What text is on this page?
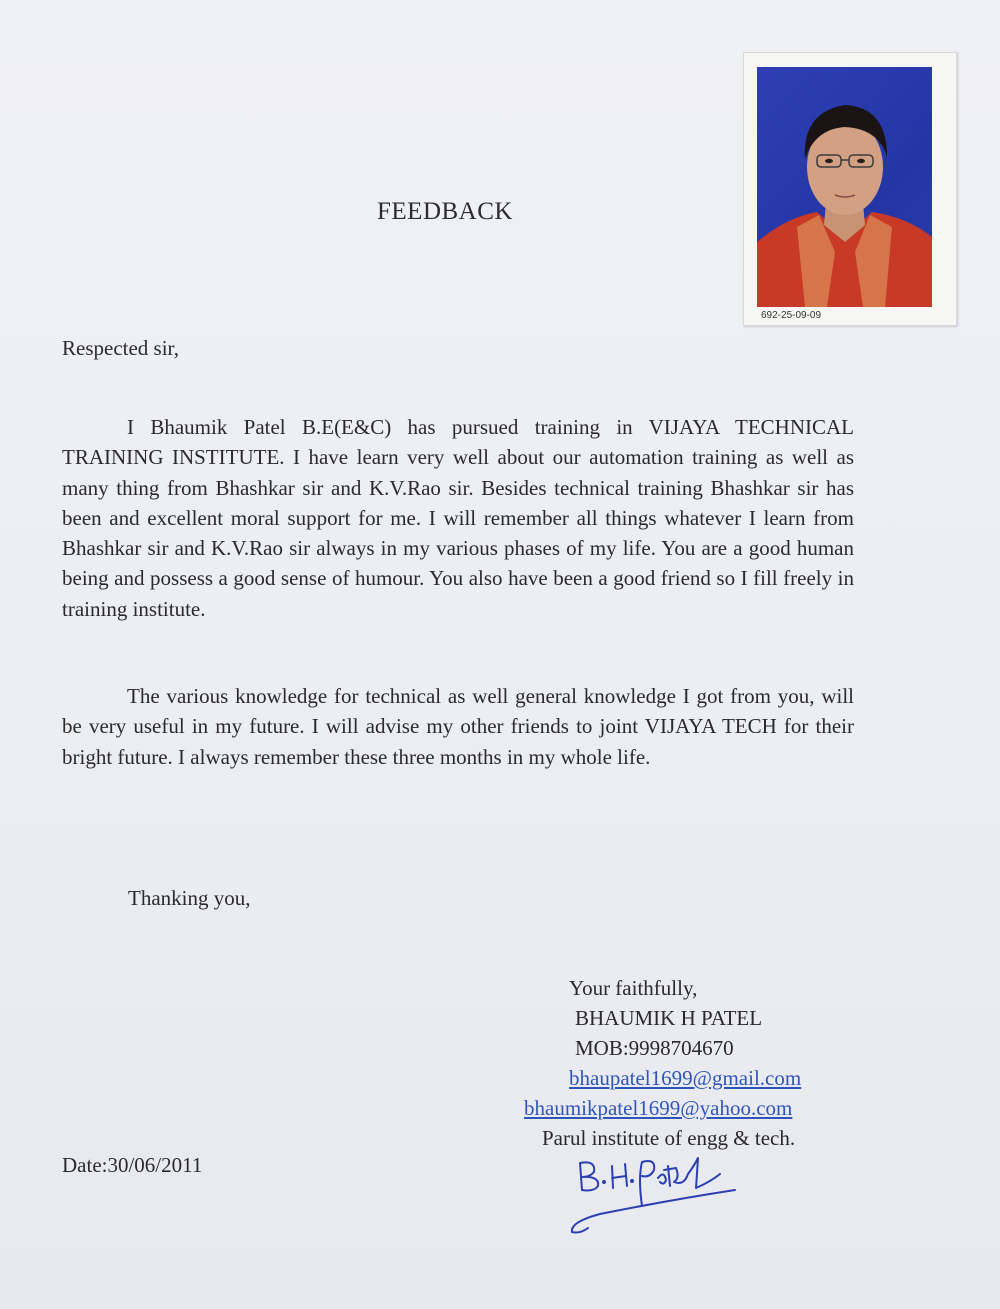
692-25-09-09
FEEDBACK
Respected sir,
I Bhaumik Patel B.E(E&C) has pursued training in VIJAYA TECHNICAL TRAINING INSTITUTE. I have learn very well about our automation training as well as many thing from Bhashkar sir and K.V.Rao sir. Besides technical training Bhashkar sir has been and excellent moral support for me. I will remember all things whatever I learn from Bhashkar sir and K.V.Rao sir always in my various phases of my life. You are a good human being and possess a good sense of humour. You also have been a good friend so I fill freely in training institute.
The various knowledge for technical as well general knowledge I got from you, will be very useful in my future. I will advise my other friends to joint VIJAYA TECH for their bright future. I always remember these three months in my whole life.
Thanking you,
Your faithfully,
BHAUMIK H PATEL
MOB:9998704670
bhaupatel1699@gmail.com
bhaumikpatel1699@yahoo.com
Parul institute of engg & tech.
Date:30/06/2011
